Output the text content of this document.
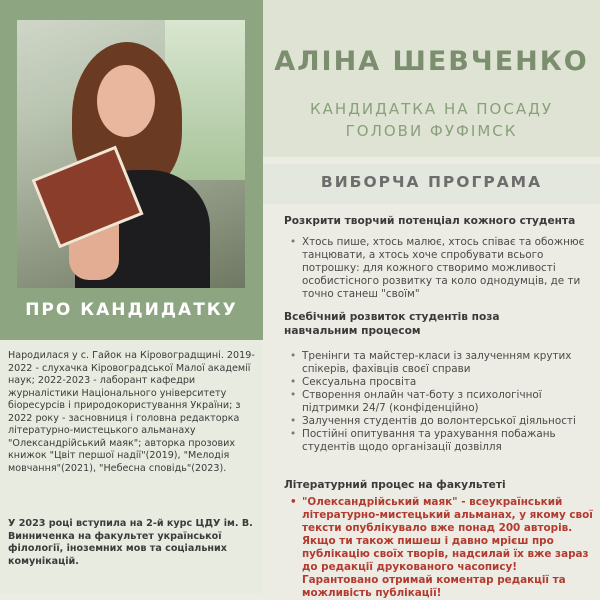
ПРО КАНДИДАТКУ
Народилася у с. Гайок на Кіровоградщині. 2019-2022 - слухачка Кіровоградської Малої академії наук; 2022-2023 - лаборант кафедри журналістики Національного університету біоресурсів і природокористування України; з 2022 року - засновниця і головна редакторка літературно-мистецького альманаху "Олександрійський маяк"; авторка прозових книжок "Цвіт першої надії"(2019), "Мелодія мовчання"(2021), "Небесна сповідь"(2023).
У 2023 році вступила на 2-й курс ЦДУ ім. В. Винниченка на факультет української філології, іноземних мов та соціальних комунікацій.
АЛІНА ШЕВЧЕНКО
КАНДИДАТКА НА ПОСАДУ
ГОЛОВИ ФУФІМСК
ВИБОРЧА ПРОГРАМА
Розкрити творчий потенціал кожного студента
• Хтось пише, хтось малює, хтось співає та обожнює танцювати, а хтось хоче спробувати всього потрошку: для кожного створимо можливості особистісного розвитку та коло однодумців, де ти точно станеш "своїм"
Всебічний розвиток студентів поза навчальним процесом
• Тренінги та майстер-класи із залученням крутих спікерів, фахівців своєї справи
• Сексуальна просвіта
• Створення онлайн чат-боту з психологічної підтримки 24/7 (конфіденційно)
• Залучення студентів до волонтерської діяльності
• Постійні опитування та урахування побажань студентів щодо організації дозвілля
Літературний процес на факультеті
• "Олександрійський маяк" - всеукраїнський літературно-мистецький альманах, у якому свої тексти опублікувало вже понад 200 авторів. Якщо ти також пишеш і давно мрієш про публікацію своїх творів, надсилай їх вже зараз до редакції друкованого часопису! Гарантовано отримай коментар редакції та можливість публікації!
